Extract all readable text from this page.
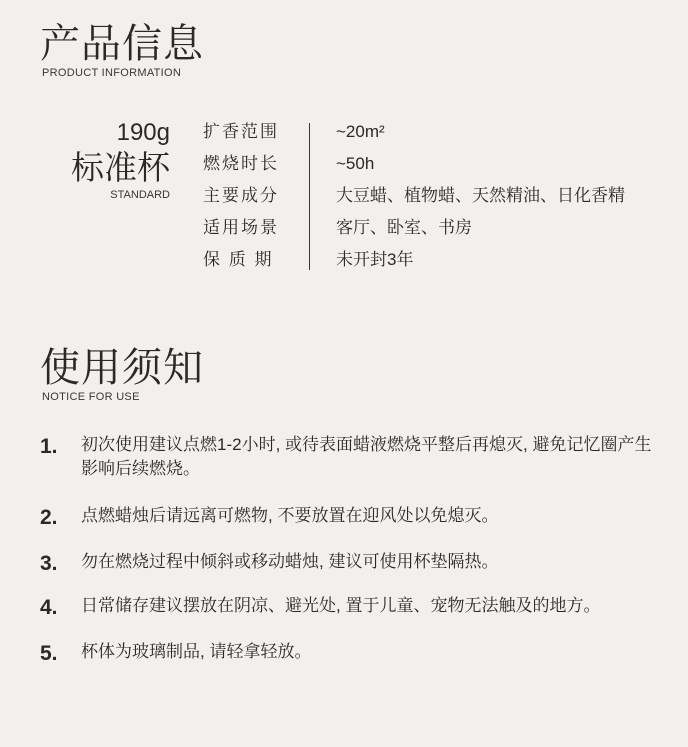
产品信息
PRODUCT INFORMATION
190g
标准杯
STANDARD
扩香范围
燃烧时长
主要成分
适用场景
保 质 期
~20m²
~50h
大豆蜡、植物蜡、天然精油、日化香精
客厅、卧室、书房
未开封3年
使用须知
NOTICE FOR USE
1. 初次使用建议点燃1-2小时, 或待表面蜡液燃烧平整后再熄灭, 避免记忆圈产生影响后续燃烧。
2. 点燃蜡烛后请远离可燃物, 不要放置在迎风处以免熄灭。
3. 勿在燃烧过程中倾斜或移动蜡烛, 建议可使用杯垫隔热。
4. 日常储存建议摆放在阴凉、避光处, 置于儿童、宠物无法触及的地方。
5. 杯体为玻璃制品, 请轻拿轻放。
